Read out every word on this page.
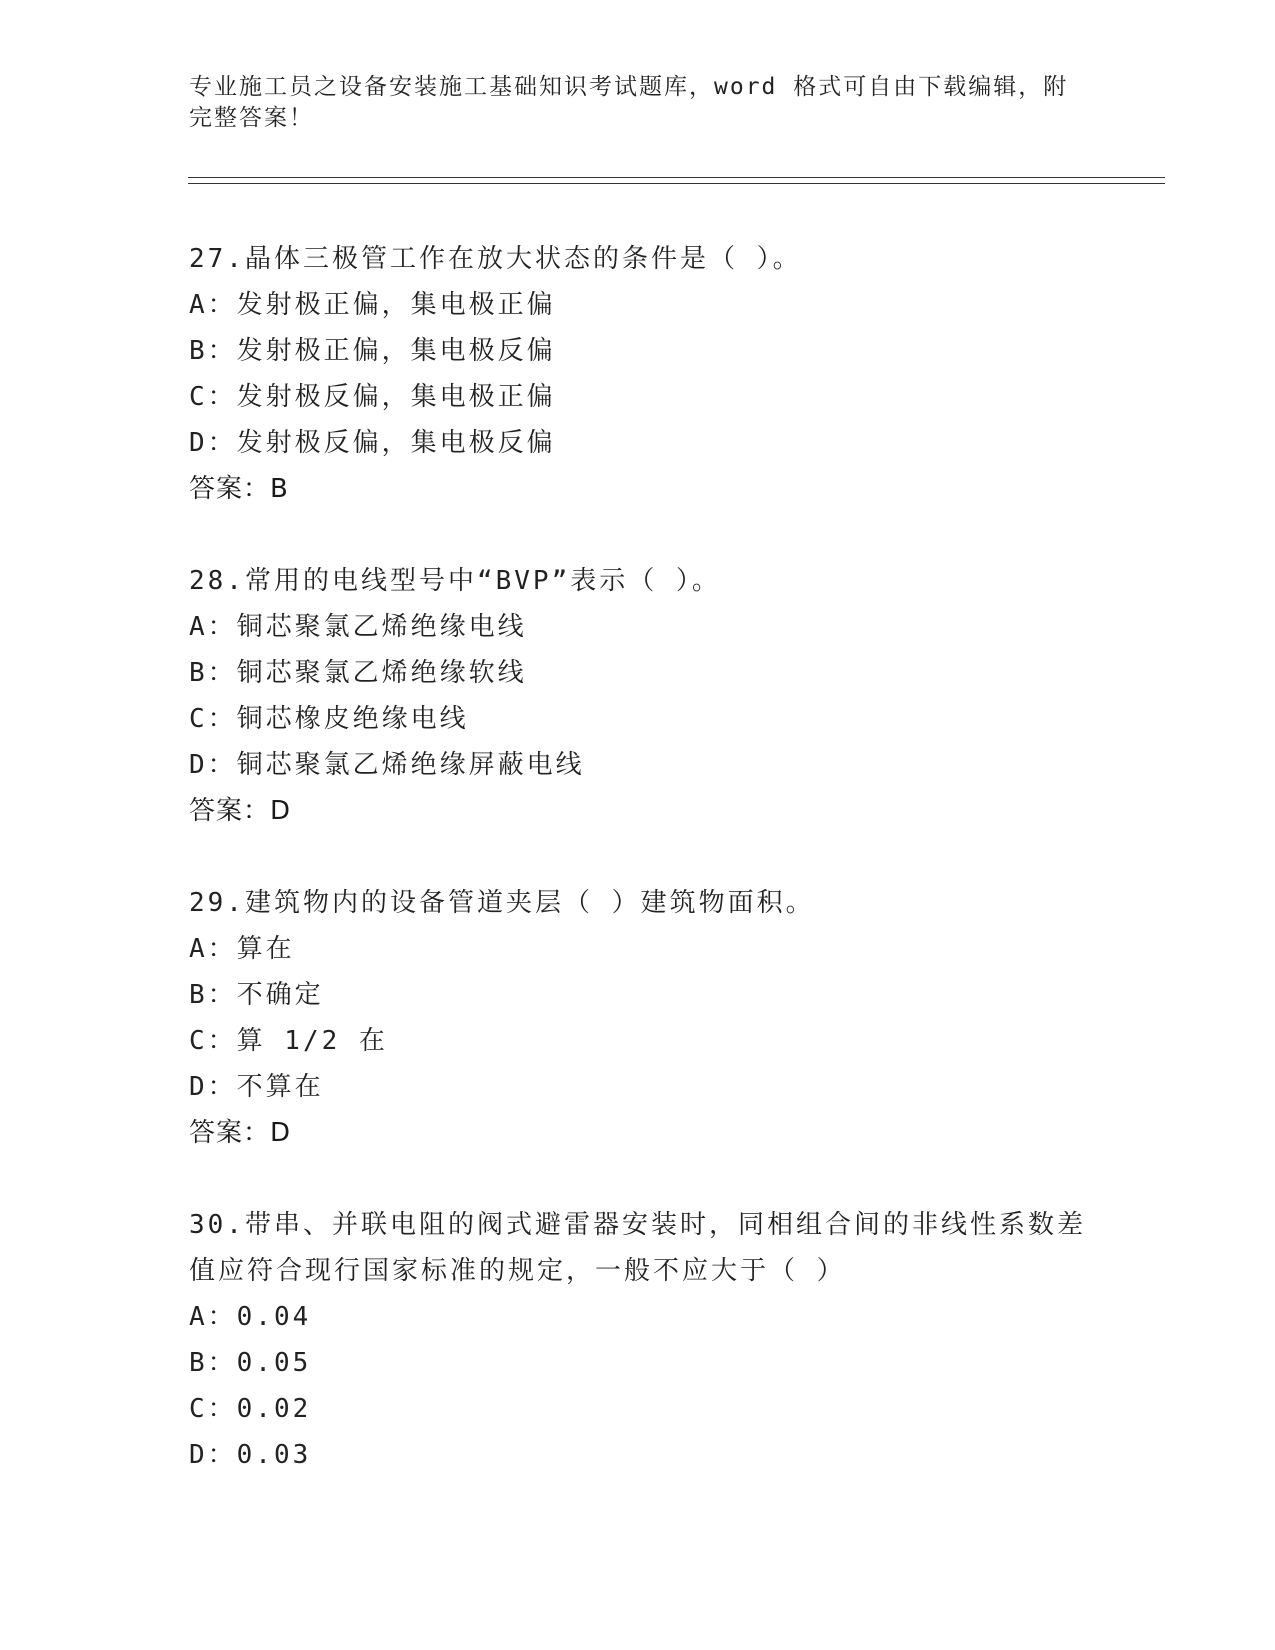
专业施工员之设备安装施工基础知识考试题库，word 格式可自由下载编辑，附完整答案！
27.晶体三极管工作在放大状态的条件是（ ）。
A：发射极正偏，集电极正偏
B：发射极正偏，集电极反偏
C：发射极反偏，集电极正偏
D：发射极反偏，集电极反偏
答案：B
28.常用的电线型号中“BVP”表示（ ）。
A：铜芯聚氯乙烯绝缘电线
B：铜芯聚氯乙烯绝缘软线
C：铜芯橡皮绝缘电线
D：铜芯聚氯乙烯绝缘屏蔽电线
答案：D
29.建筑物内的设备管道夹层（ ）建筑物面积。
A：算在
B：不确定
C：算 1/2 在
D：不算在
答案：D
30.带串、并联电阻的阀式避雷器安装时，同相组合间的非线性系数差值应符合现行国家标准的规定，一般不应大于（ ）
A：0.04
B：0.05
C：0.02
D：0.03
